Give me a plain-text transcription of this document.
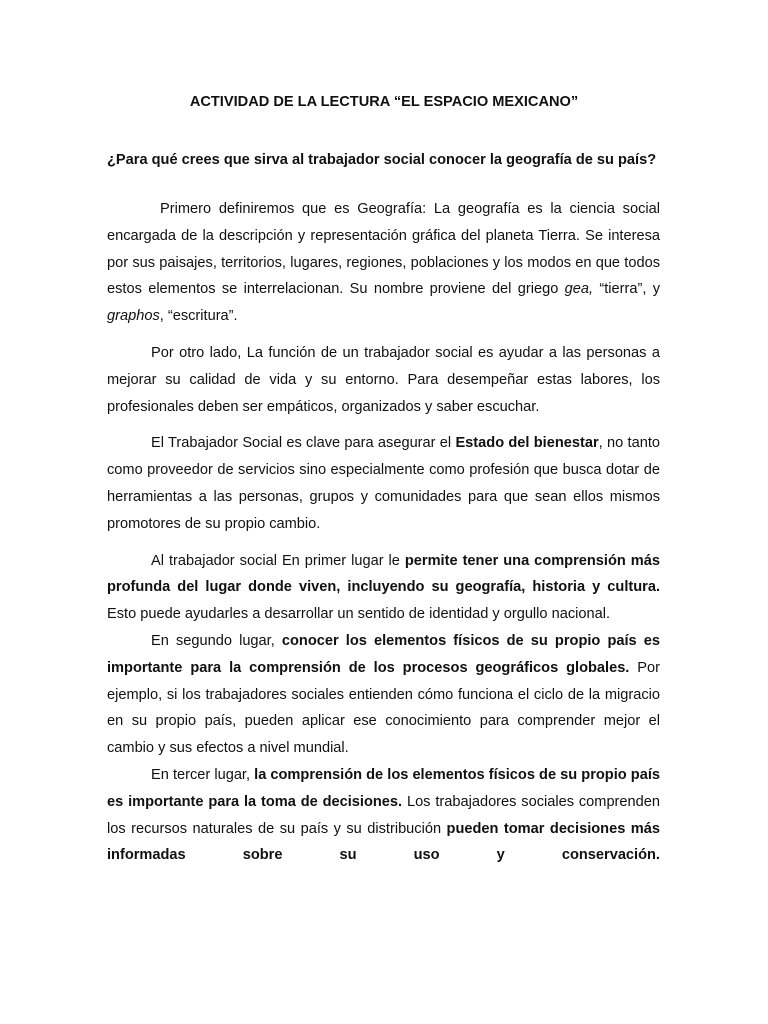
ACTIVIDAD DE LA LECTURA “EL ESPACIO MEXICANO”
¿Para qué crees que sirva al trabajador social conocer la geografía de su país?

Primero definiremos que es Geografía: La geografía es la ciencia social encargada de la descripción y representación gráfica del planeta Tierra. Se interesa por sus paisajes, territorios, lugares, regiones, poblaciones y los modos en que todos estos elementos se interrelacionan. Su nombre proviene del griego gea, “tierra”, y graphos, “escritura”.

Por otro lado, La función de un trabajador social es ayudar a las personas a mejorar su calidad de vida y su entorno. Para desempeñar estas labores, los profesionales deben ser empáticos, organizados y saber escuchar.

El Trabajador Social es clave para asegurar el Estado del bienestar, no tanto como proveedor de servicios sino especialmente como profesión que busca dotar de herramientas a las personas, grupos y comunidades para que sean ellos mismos promotores de su propio cambio.

Al trabajador social En primer lugar le permite tener una comprensión más profunda del lugar donde viven, incluyendo su geografía, historia y cultura. Esto puede ayudarles a desarrollar un sentido de identidad y orgullo nacional.

En segundo lugar, conocer los elementos físicos de su propio país es importante para la comprensión de los procesos geográficos globales. Por ejemplo, si los trabajadores sociales entienden cómo funciona el ciclo de la migracio en su propio país, pueden aplicar ese conocimiento para comprender mejor el cambio y sus efectos a nivel mundial.

En tercer lugar, la comprensión de los elementos físicos de su propio país es importante para la toma de decisiones. Los trabajadores sociales comprenden los recursos naturales de su país y su distribución pueden tomar decisiones más informadas sobre su uso y conservación.
